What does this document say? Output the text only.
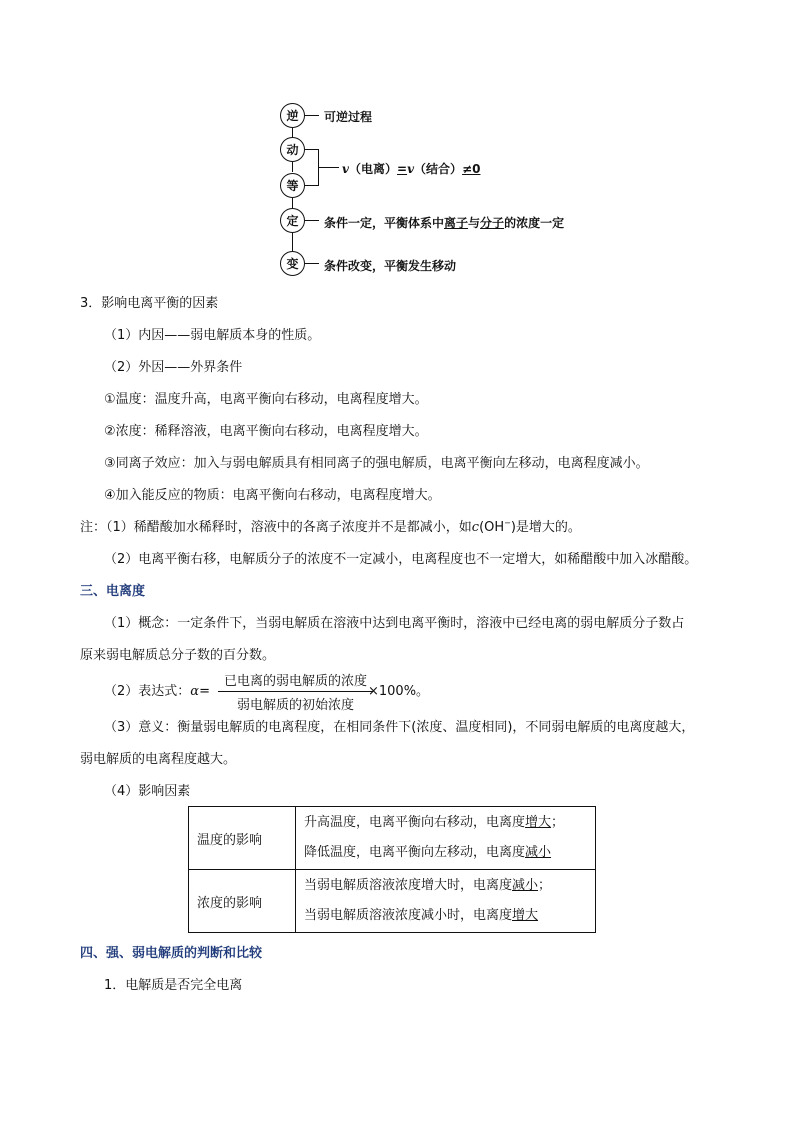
逆
动
等
定
变
可逆过程
v（电离）=v（结合）≠0
条件一定，平衡体系中离子与分子的浓度一定
条件改变，平衡发生移动
3．影响电离平衡的因素
（1）内因——弱电解质本身的性质。
（2）外因——外界条件
①温度：温度升高，电离平衡向右移动，电离程度增大。
②浓度：稀释溶液，电离平衡向右移动，电离程度增大。
③同离子效应：加入与弱电解质具有相同离子的强电解质，电离平衡向左移动，电离程度减小。
④加入能反应的物质：电离平衡向右移动，电离程度增大。
注：（1）稀醋酸加水稀释时，溶液中的各离子浓度并不是都减小，如c(OH−)是增大的。
（2）电离平衡右移，电解质分子的浓度不一定减小，电离程度也不一定增大，如稀醋酸中加入冰醋酸。
三、电离度
（1）概念：一定条件下，当弱电解质在溶液中达到电离平衡时，溶液中已经电离的弱电解质分子数占
原来弱电解质总分子数的百分数。
（2）表达式：α=
已电离的弱电解质的浓度
弱电解质的初始浓度
×100%。
（3）意义：衡量弱电解质的电离程度，在相同条件下(浓度、温度相同)，不同弱电解质的电离度越大，
弱电解质的电离程度越大。
（4）影响因素
温度的影响	升高温度，电离平衡向右移动，电离度增大；
降低温度，电离平衡向左移动，电离度减小

浓度的影响	当弱电解质溶液浓度增大时，电离度减小；
当弱电解质溶液浓度减小时，电离度增大
四、强、弱电解质的判断和比较
1．电解质是否完全电离
